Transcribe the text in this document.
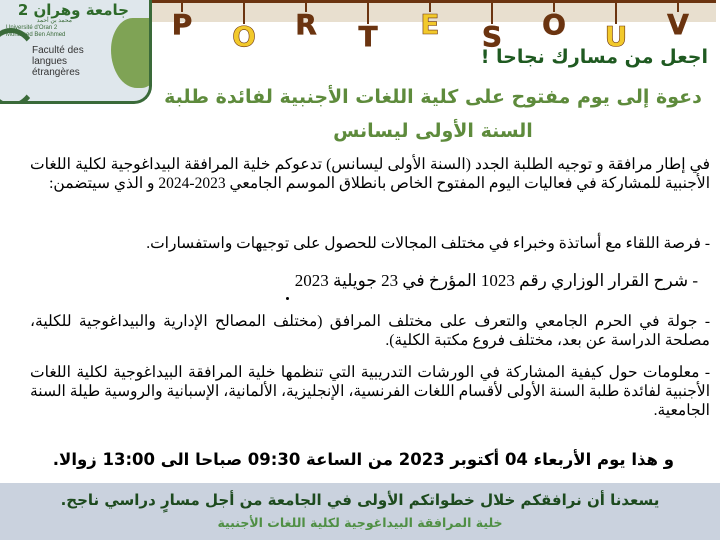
جامعة وهران 2
محمد بن أحمد
Université d'Oran 2
Mohamed Ben Ahmed
Faculté des
langues
étrangères
P O R T E S O U V
اجعل من مسارك نجاحا !
دعوة إلى يوم مفتوح على كلية اللغات الأجنبية لفائدة طلبة السنة الأولى ليسانس
في إطار مرافقة و توجيه الطلبة الجدد (السنة الأولى ليسانس) تدعوكم خلية المرافقة البيداغوجية لكلية اللغات الأجنبية للمشاركة في فعاليات اليوم المفتوح الخاص بانطلاق الموسم الجامعي 2023-2024 و الذي سيتضمن:
- فرصة اللقاء مع أساتذة وخبراء في مختلف المجالات للحصول على توجيهات واستفسارات.
- شرح القرار الوزاري رقم 1023 المؤرخ في 23 جويلية 2023
- جولة في الحرم الجامعي والتعرف على مختلف المرافق (مختلف المصالح الإدارية والبيداغوجية للكلية، مصلحة الدراسة عن بعد، مختلف فروع مكتبة الكلية).
- معلومات حول كيفية المشاركة في الورشات التدريبية التي تنظمها خلية المرافقة البيداغوجية لكلية اللغات الأجنبية لفائدة طلبة السنة الأولى لأقسام اللغات الفرنسية، الإنجليزية، الألمانية، الإسبانية والروسية طيلة السنة الجامعية.
و هذا يوم الأربعاء 04 أكتوبر 2023 من الساعة 09:30 صباحا الى 13:00 زوالا.
يسعدنا أن نرافقكم خلال خطواتكم الأولى في الجامعة من أجل مسارٍ دراسي ناجح.
خلية المرافقة البيداغوجية لكلية اللغات الأجنبية
